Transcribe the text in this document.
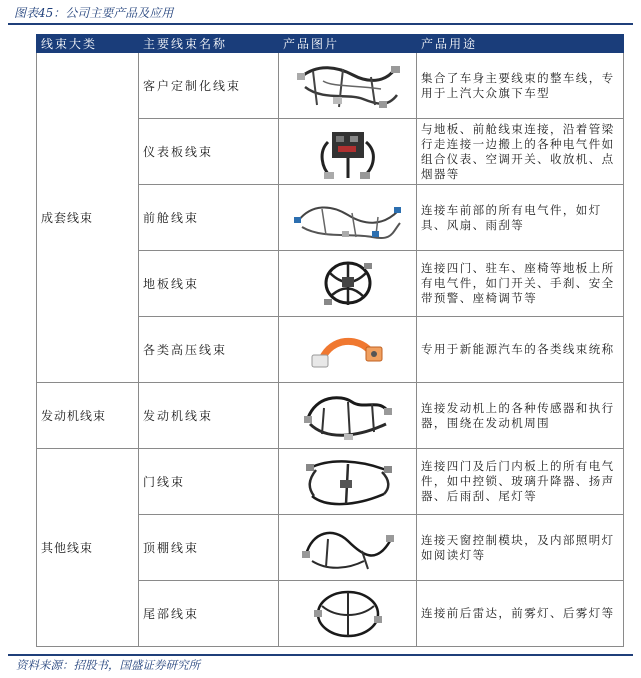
图表45：公司主要产品及应用
线束大类	主要线束名称	产品图片	产品用途
成套线束	客户定制化线束		集合了车身主要线束的整车线，专用于上汽大众旗下车型
	仪表板线束		与地板、前舱线束连接，沿着管梁行走连接一边搬上的各种电气件如组合仪表、空调开关、收放机、点烟器等
	前舱线束		连接车前部的所有电气件，如灯具、风扇、雨刮等
	地板线束		连接四门、驻车、座椅等地板上所有电气件，如门开关、手刹、安全带预警、座椅调节等
	各类高压线束		专用于新能源汽车的各类线束统称
发动机线束	发动机线束		连接发动机上的各种传感器和执行器，围绕在发动机周围
其他线束	门线束		连接四门及后门内板上的所有电气件，如中控锁、玻璃升降器、扬声器、后雨刮、尾灯等
	顶棚线束		连接天窗控制模块，及内部照明灯如阅读灯等
	尾部线束		连接前后雷达，前雾灯、后雾灯等
资料来源：招股书，国盛证券研究所
